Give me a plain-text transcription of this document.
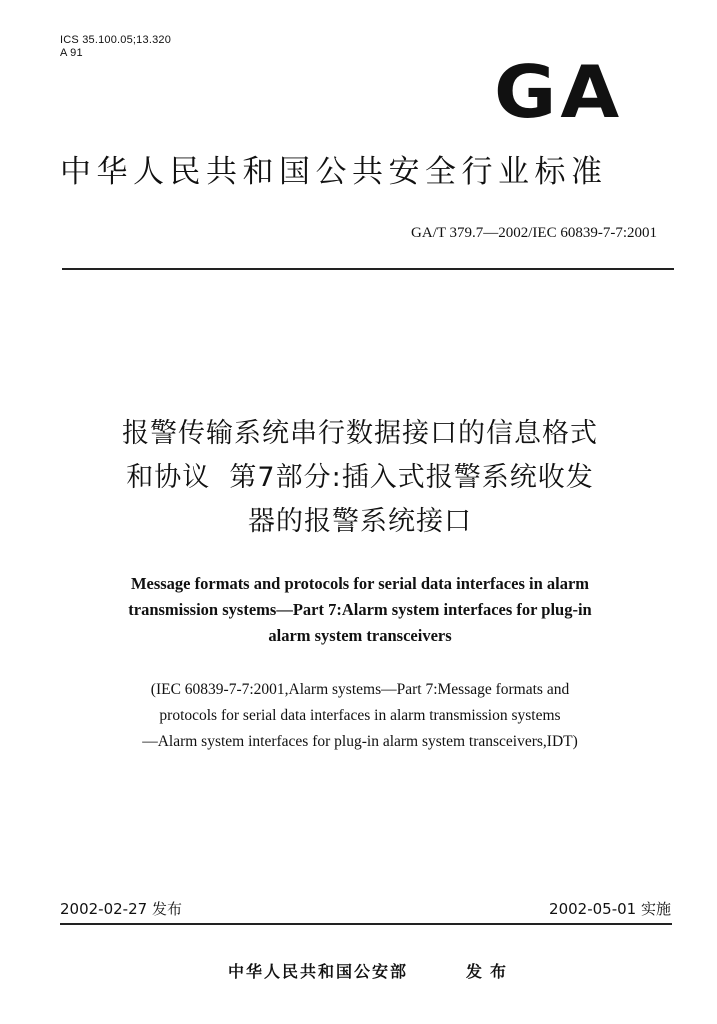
ICS 35.100.05;13.320
A 91	GA
中华人民共和国公共安全行业标准
GA/T 379.7—2002/IEC 60839-7-7:2001
报警传输系统串行数据接口的信息格式
和协议  第7部分:插入式报警系统收发
器的报警系统接口
Message formats and protocols for serial data interfaces in alarm
transmission systems—Part 7:Alarm system interfaces for plug-in
alarm system transceivers
(IEC 60839-7-7:2001,Alarm systems—Part 7:Message formats and
protocols for serial data interfaces in alarm transmission systems
—Alarm system interfaces for plug-in alarm system transceivers,IDT)
2002-02-27 发布	2002-05-01 实施
中华人民共和国公安部	发布
